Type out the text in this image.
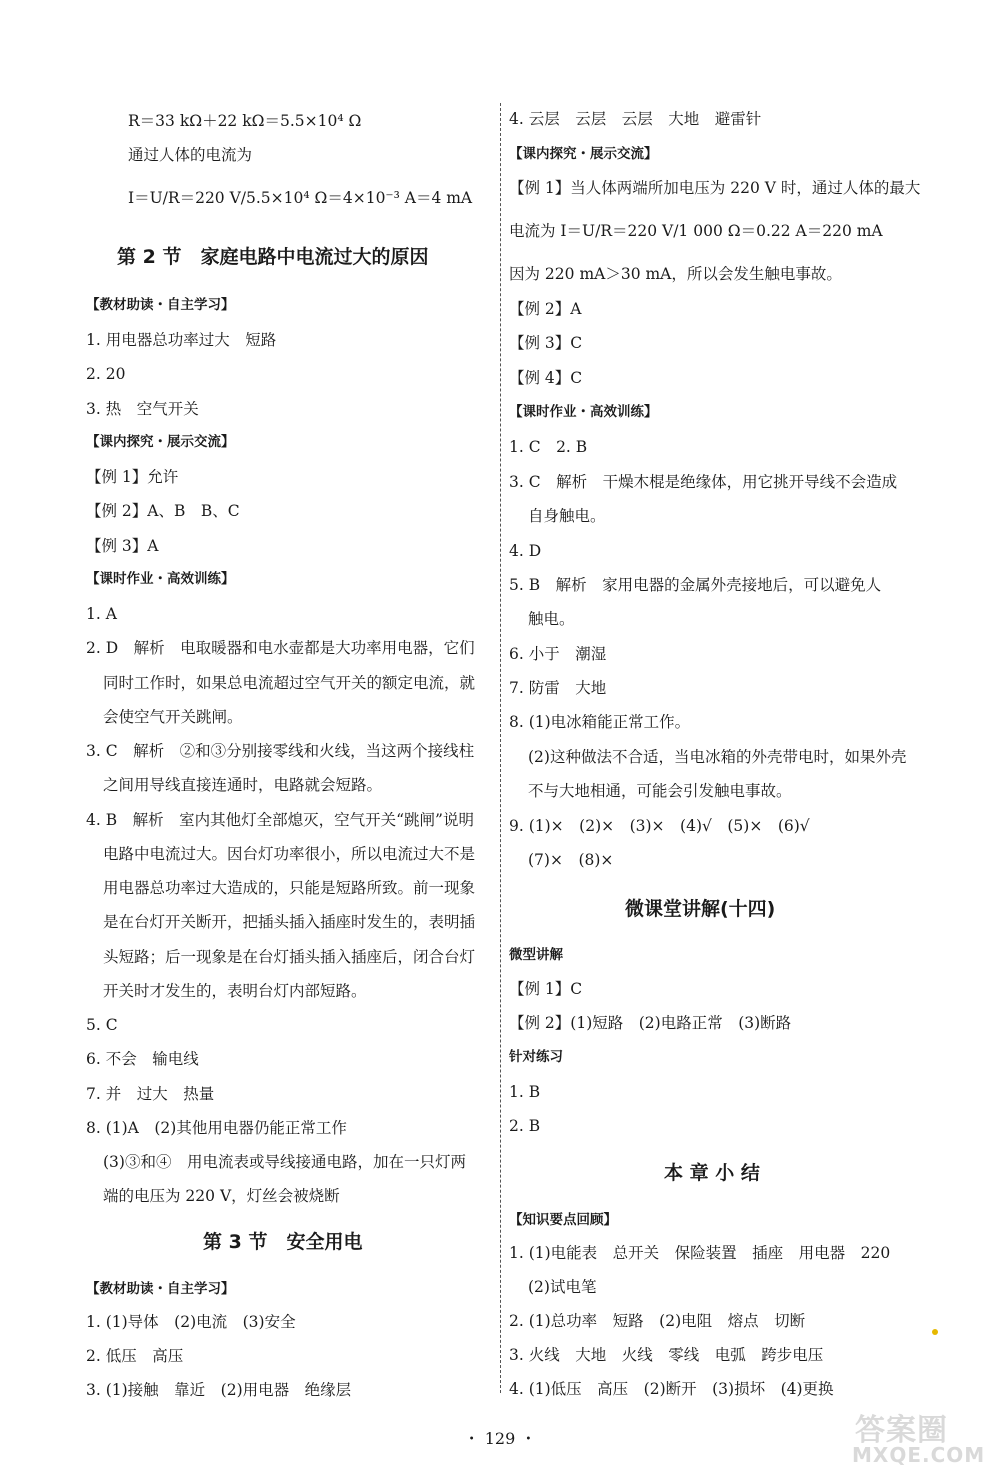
R＝33 kΩ＋22 kΩ＝5.5×10⁴ Ω
通过人体的电流为
I＝U/R＝220 V/5.5×10⁴ Ω＝4×10⁻³ A＝4 mA
第 2 节　家庭电路中电流过大的原因
【教材助读・自主学习】
1. 用电器总功率过大　短路
2. 20
3. 热　空气开关
【课内探究・展示交流】
【例 1】允许
【例 2】A、B　B、C
【例 3】A
【课时作业・高效训练】
1. A
2. D　解析　电取暖器和电水壶都是大功率用电器，它们
同时工作时，如果总电流超过空气开关的额定电流，就
会使空气开关跳闸。
3. C　解析　②和③分别接零线和火线，当这两个接线柱
之间用导线直接连通时，电路就会短路。
4. B　解析　室内其他灯全部熄灭，空气开关“跳闸”说明
电路中电流过大。因台灯功率很小，所以电流过大不是
用电器总功率过大造成的，只能是短路所致。前一现象
是在台灯开关断开，把插头插入插座时发生的，表明插
头短路；后一现象是在台灯插头插入插座后，闭合台灯
开关时才发生的，表明台灯内部短路。
5. C
6. 不会　输电线
7. 并　过大　热量
8. (1)A　(2)其他用电器仍能正常工作
(3)③和④　用电流表或导线接通电路，加在一只灯两
端的电压为 220 V，灯丝会被烧断
第 3 节　安全用电
【教材助读・自主学习】
1. (1)导体　(2)电流　(3)安全
2. 低压　高压
3. (1)接触　靠近　(2)用电器　绝缘层
4. 云层　云层　云层　大地　避雷针
【课内探究・展示交流】
【例 1】当人体两端所加电压为 220 V 时，通过人体的最大
电流为 I＝U/R＝220 V/1 000 Ω＝0.22 A＝220 mA
因为 220 mA＞30 mA，所以会发生触电事故。
【例 2】A
【例 3】C
【例 4】C
【课时作业・高效训练】
1. C　2. B
3. C　解析　干燥木棍是绝缘体，用它挑开导线不会造成
自身触电。
4. D
5. B　解析　家用电器的金属外壳接地后，可以避免人
触电。
6. 小于　潮湿
7. 防雷　大地
8. (1)电冰箱能正常工作。
(2)这种做法不合适，当电冰箱的外壳带电时，如果外壳
不与大地相通，可能会引发触电事故。
9. (1)×　(2)×　(3)×　(4)√　(5)×　(6)√
(7)×　(8)×
微课堂讲解(十四)
微型讲解
【例 1】C
【例 2】(1)短路　(2)电路正常　(3)断路
针对练习
1. B
2. B
本 章 小 结
【知识要点回顾】
1. (1)电能表　总开关　保险装置　插座　用电器　220
(2)试电笔
2. (1)总功率　短路　(2)电阻　熔点　切断
3. 火线　大地　火线　零线　电弧　跨步电压
4. (1)低压　高压　(2)断开　(3)损坏　(4)更换
・ 129 ・	答案圈
MXQE.COM
